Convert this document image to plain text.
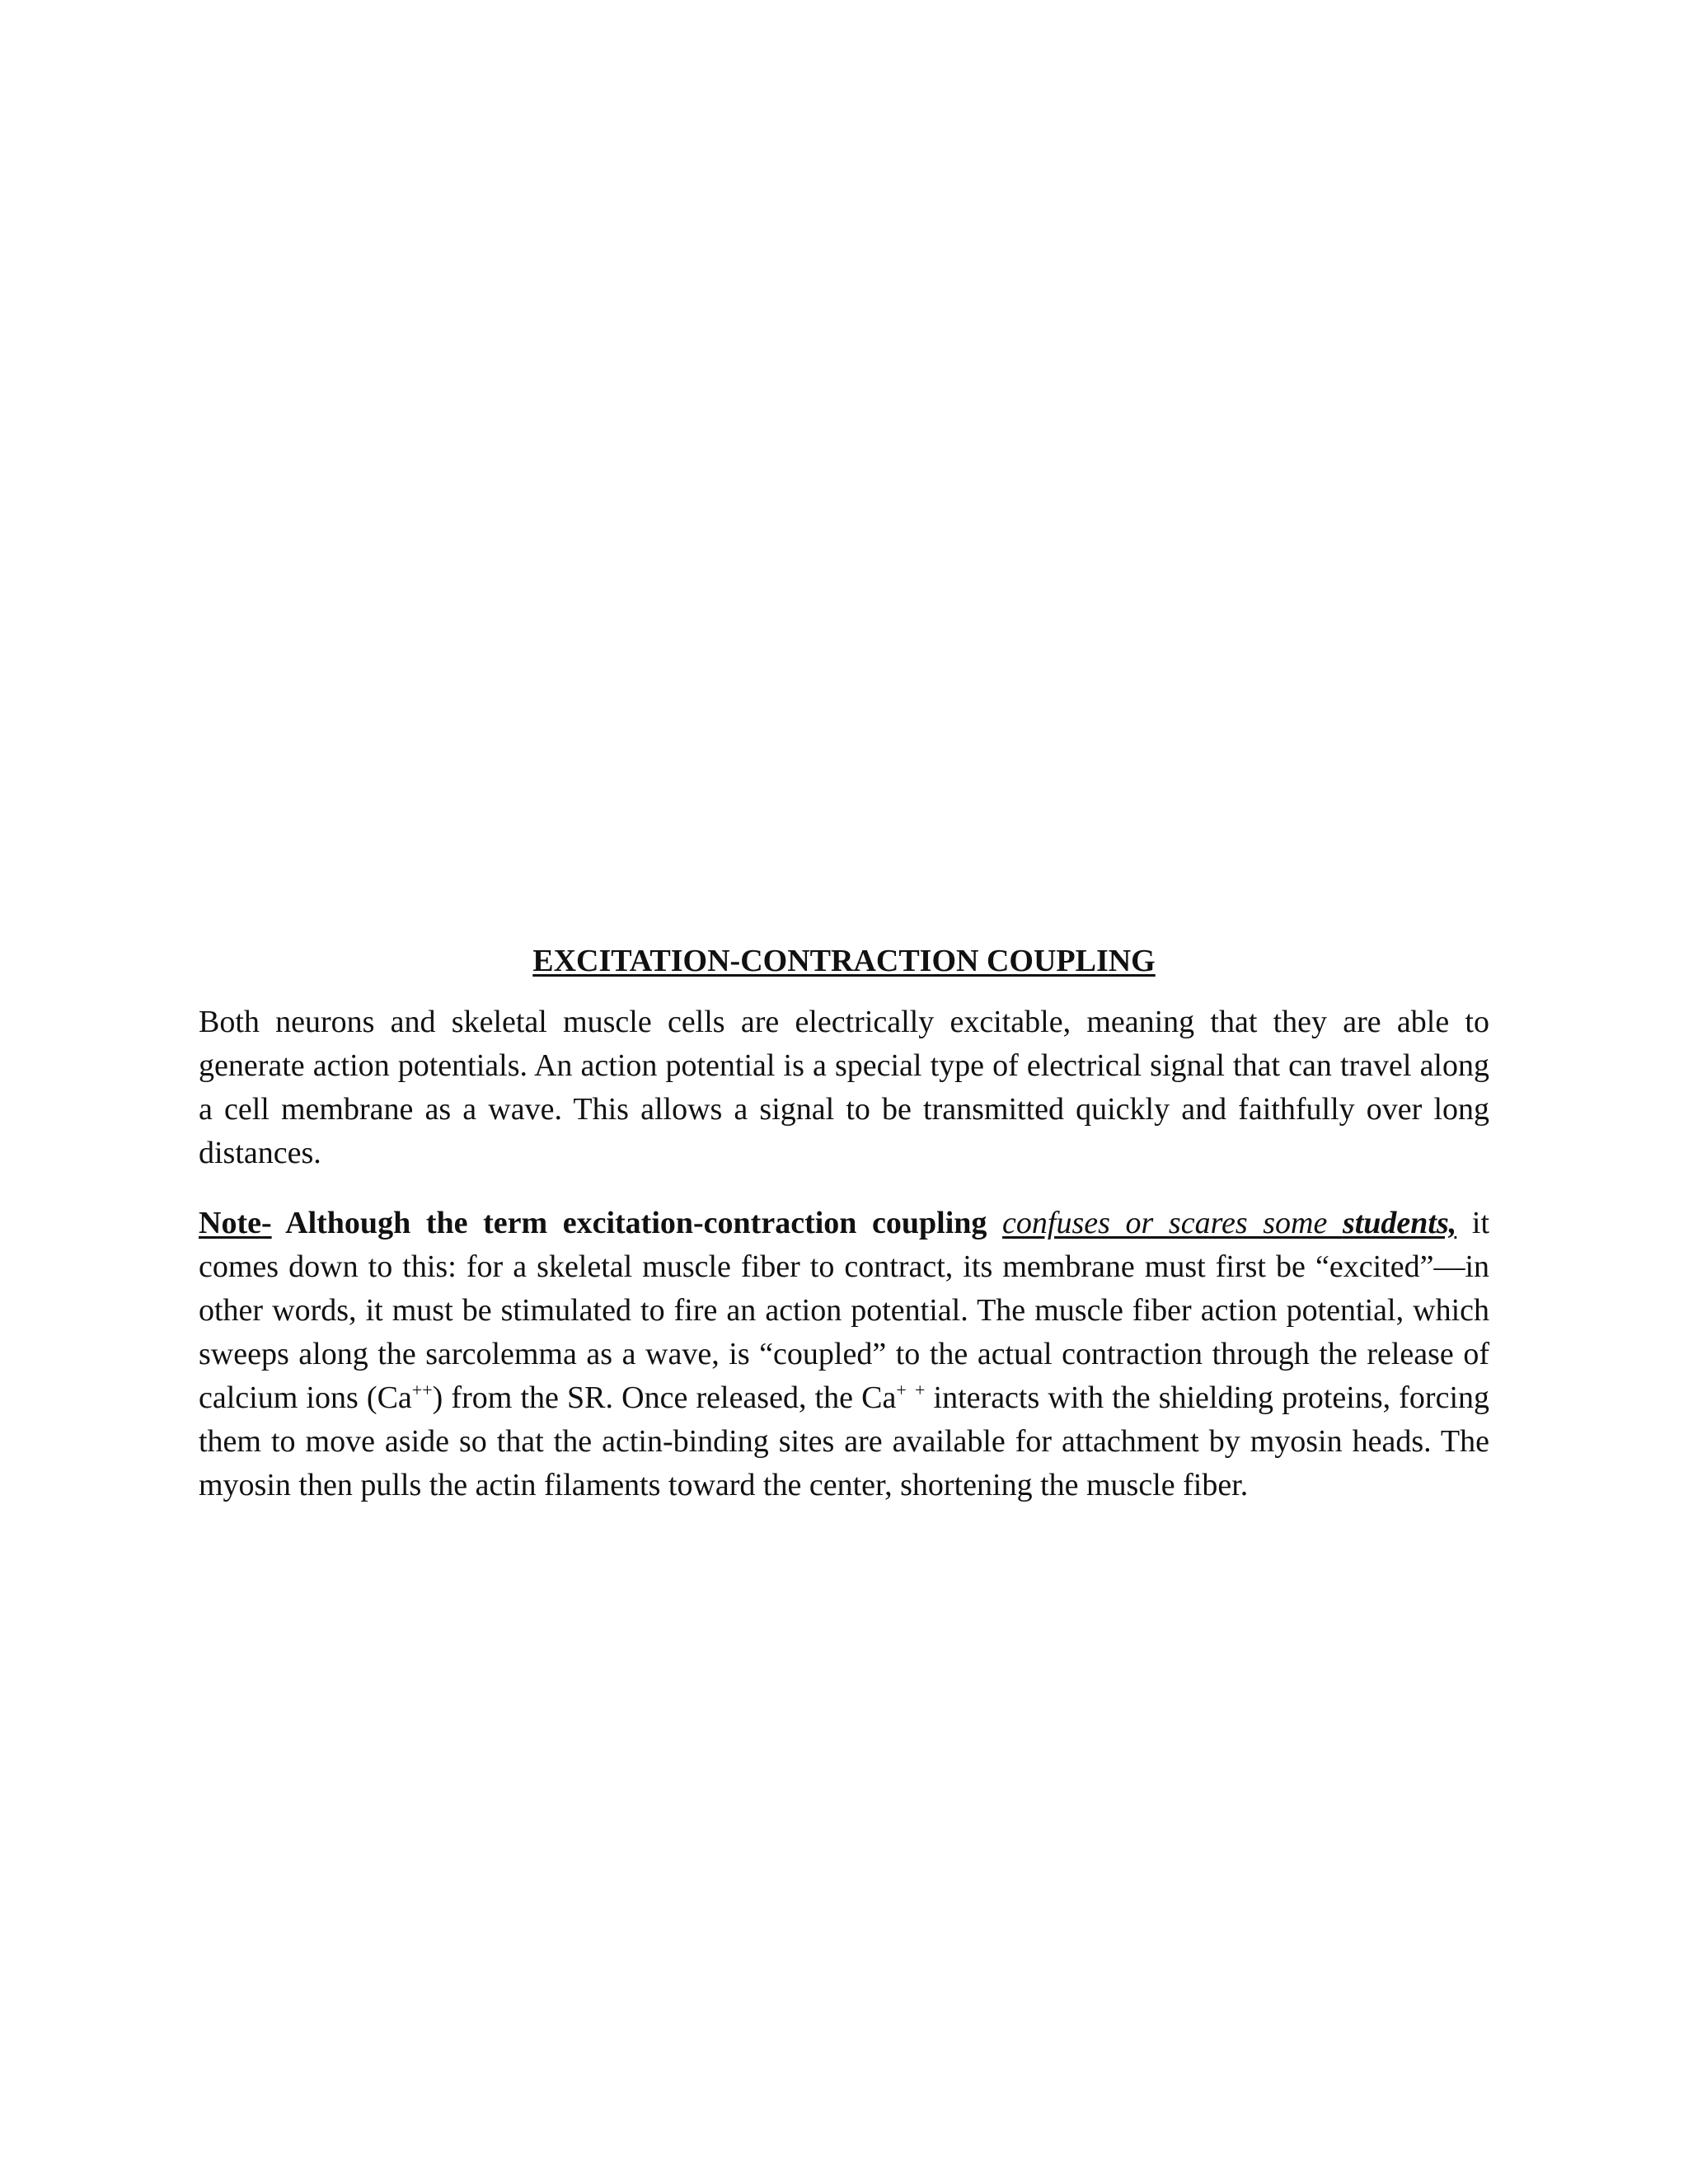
EXCITATION-CONTRACTION COUPLING

Both neurons and skeletal muscle cells are electrically excitable, meaning that they are able to generate action potentials. An action potential is a special type of electrical signal that can travel along a cell membrane as a wave. This allows a signal to be transmitted quickly and faithfully over long distances.

Note- Although the term excitation-contraction coupling confuses or scares some students, it comes down to this: for a skeletal muscle fiber to contract, its membrane must first be “excited”—in other words, it must be stimulated to fire an action potential. The muscle fiber action potential, which sweeps along the sarcolemma as a wave, is “coupled” to the actual contraction through the release of calcium ions (Ca++) from the SR. Once released, the Ca+ + interacts with the shielding proteins, forcing them to move aside so that the actin-binding sites are available for attachment by myosin heads. The myosin then pulls the actin filaments toward the center, shortening the muscle fiber.
